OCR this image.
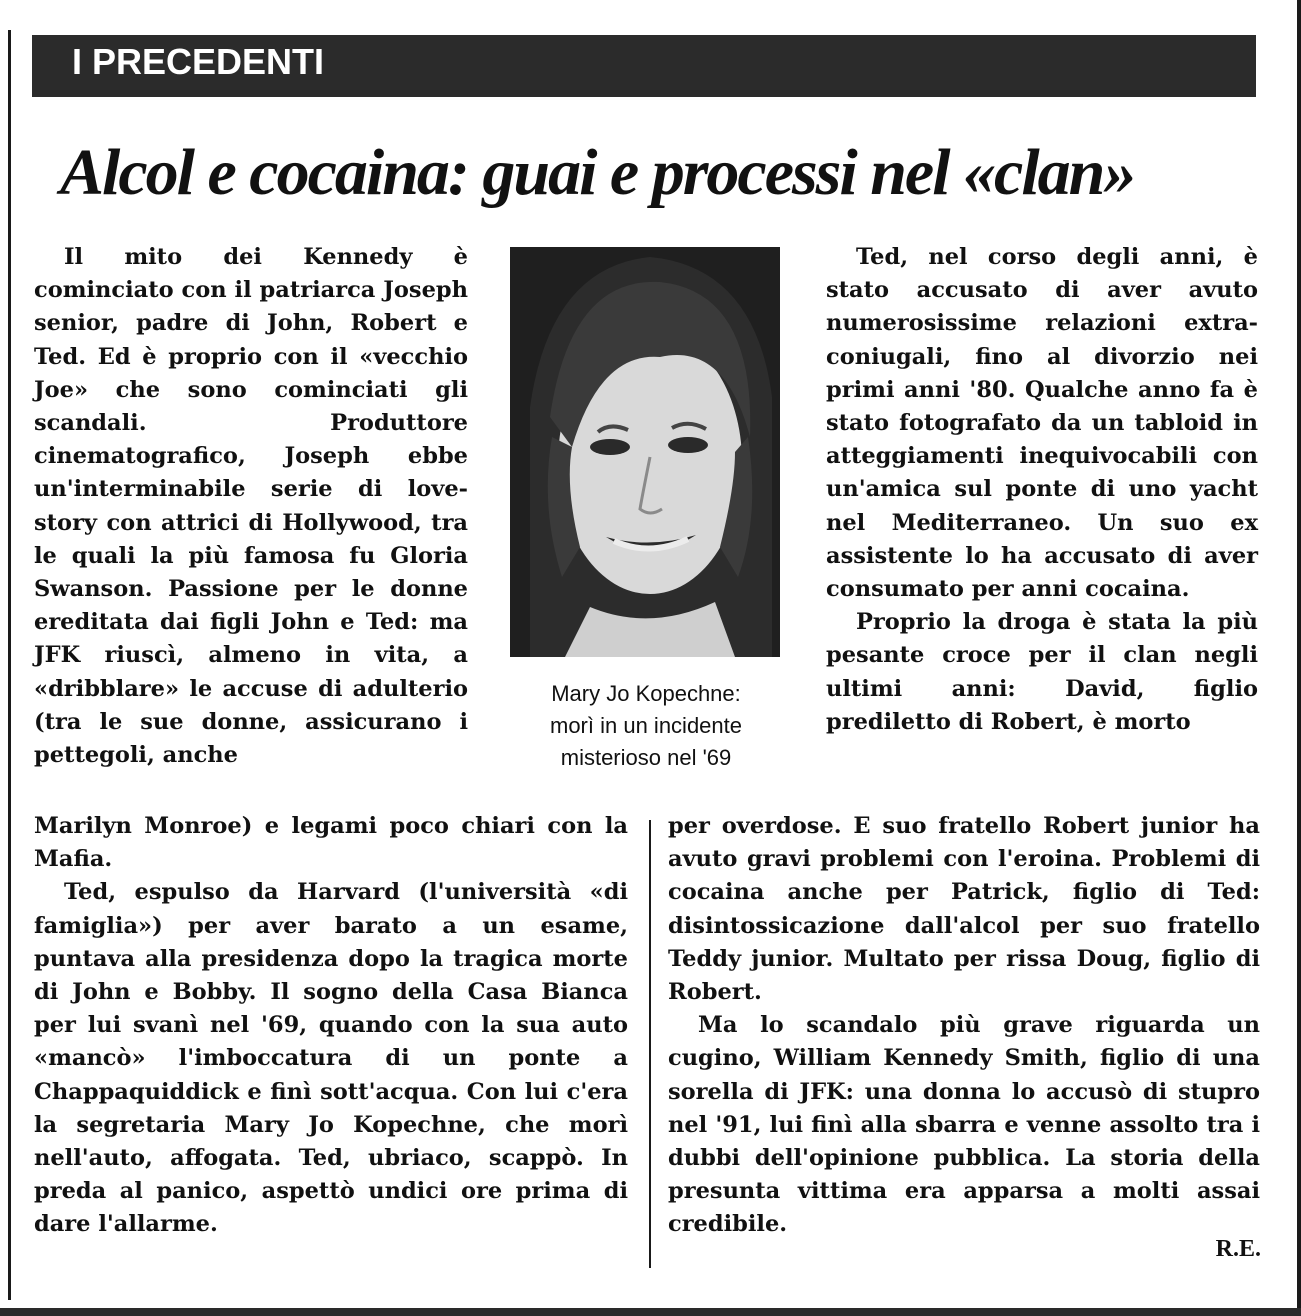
I PRECEDENTI
Alcol e cocaina: guai e processi nel «clan»

Il mito dei Kennedy è cominciato con il patriarca Joseph senior, padre di John, Robert e Ted. Ed è proprio con il «vecchio Joe» che sono cominciati gli scandali. Produttore cinematografico, Joseph ebbe un'interminabile serie di love-story con attrici di Hollywood, tra le quali la più famosa fu Gloria Swanson. Passione per le donne ereditata dai figli John e Ted: ma JFK riuscì, almeno in vita, a «dribblare» le accuse di adulterio (tra le sue donne, assicurano i pettegoli, anche

Mary Jo Kopechne:
morì in un incidente
misterioso nel '69

Ted, nel corso degli anni, è stato accusato di aver avuto numerosissime relazioni extra-coniugali, fino al divorzio nei primi anni '80. Qualche anno fa è stato fotografato da un tabloid in atteggiamenti inequivocabili con un'amica sul ponte di uno yacht nel Mediterraneo. Un suo ex assistente lo ha accusato di aver consumato per anni cocaina.

Proprio la droga è stata la più pesante croce per il clan negli ultimi anni: David, figlio prediletto di Robert, è morto

Marilyn Monroe) e legami poco chiari con la Mafia.

Ted, espulso da Harvard (l'università «di famiglia») per aver barato a un esame, puntava alla presidenza dopo la tragica morte di John e Bobby. Il sogno della Casa Bianca per lui svanì nel '69, quando con la sua auto «mancò» l'imboccatura di un ponte a Chappaquiddick e finì sott'acqua. Con lui c'era la segretaria Mary Jo Kopechne, che morì nell'auto, affogata. Ted, ubriaco, scappò. In preda al panico, aspettò undici ore prima di dare l'allarme.

per overdose. E suo fratello Robert junior ha avuto gravi problemi con l'eroina. Problemi di cocaina anche per Patrick, figlio di Ted: disintossicazione dall'alcol per suo fratello Teddy junior. Multato per rissa Doug, figlio di Robert.

Ma lo scandalo più grave riguarda un cugino, William Kennedy Smith, figlio di una sorella di JFK: una donna lo accusò di stupro nel '91, lui finì alla sbarra e venne assolto tra i dubbi dell'opinione pubblica. La storia della presunta vittima era apparsa a molti assai credibile.

R.E.
